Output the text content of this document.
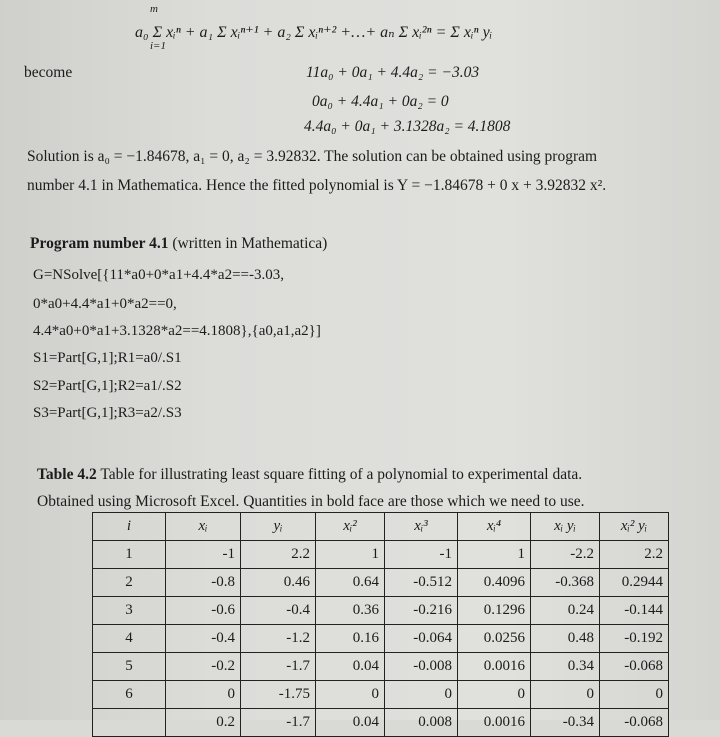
a₀ Σ xᵢⁿ + a₁ Σ xᵢⁿ⁺¹ + a₂ Σ xᵢⁿ⁺² +…+ aₙ Σ xᵢ²ⁿ = Σ xᵢⁿ yᵢ
m
i=1
become	11a₀ + 0a₁ + 4.4a₂ = −3.03
0a₀ + 4.4a₁ + 0a₂ = 0
4.4a₀ + 0a₁ + 3.1328a₂ = 4.1808
Solution is a₀ = −1.84678, a₁ = 0, a₂ = 3.92832. The solution can be obtained using program
number 4.1 in Mathematica. Hence the fitted polynomial is Y = −1.84678 + 0 x + 3.92832 x².
Program number 4.1 (written in Mathematica)
G=NSolve[{11*a0+0*a1+4.4*a2==-3.03,
0*a0+4.4*a1+0*a2==0,
4.4*a0+0*a1+3.1328*a2==4.1808},{a0,a1,a2}]
S1=Part[G,1];R1=a0/.S1
S2=Part[G,1];R2=a1/.S2
S3=Part[G,1];R3=a2/.S3
Table 4.2 Table for illustrating least square fitting of a polynomial to experimental data.
Obtained using Microsoft Excel. Quantities in bold face are those which we need to use.
i	xᵢ	yᵢ	xᵢ²	xᵢ³	xᵢ⁴	xᵢ yᵢ	xᵢ² yᵢ
1	-1	2.2	1	-1	1	-2.2	2.2
2	-0.8	0.46	0.64	-0.512	0.4096	-0.368	0.2944
3	-0.6	-0.4	0.36	-0.216	0.1296	0.24	-0.144
4	-0.4	-1.2	0.16	-0.064	0.0256	0.48	-0.192
5	-0.2	-1.7	0.04	-0.008	0.0016	0.34	-0.068
6	0	-1.75	0	0	0	0	0
	0.2	-1.7	0.04	0.008	0.0016	-0.34	-0.068
